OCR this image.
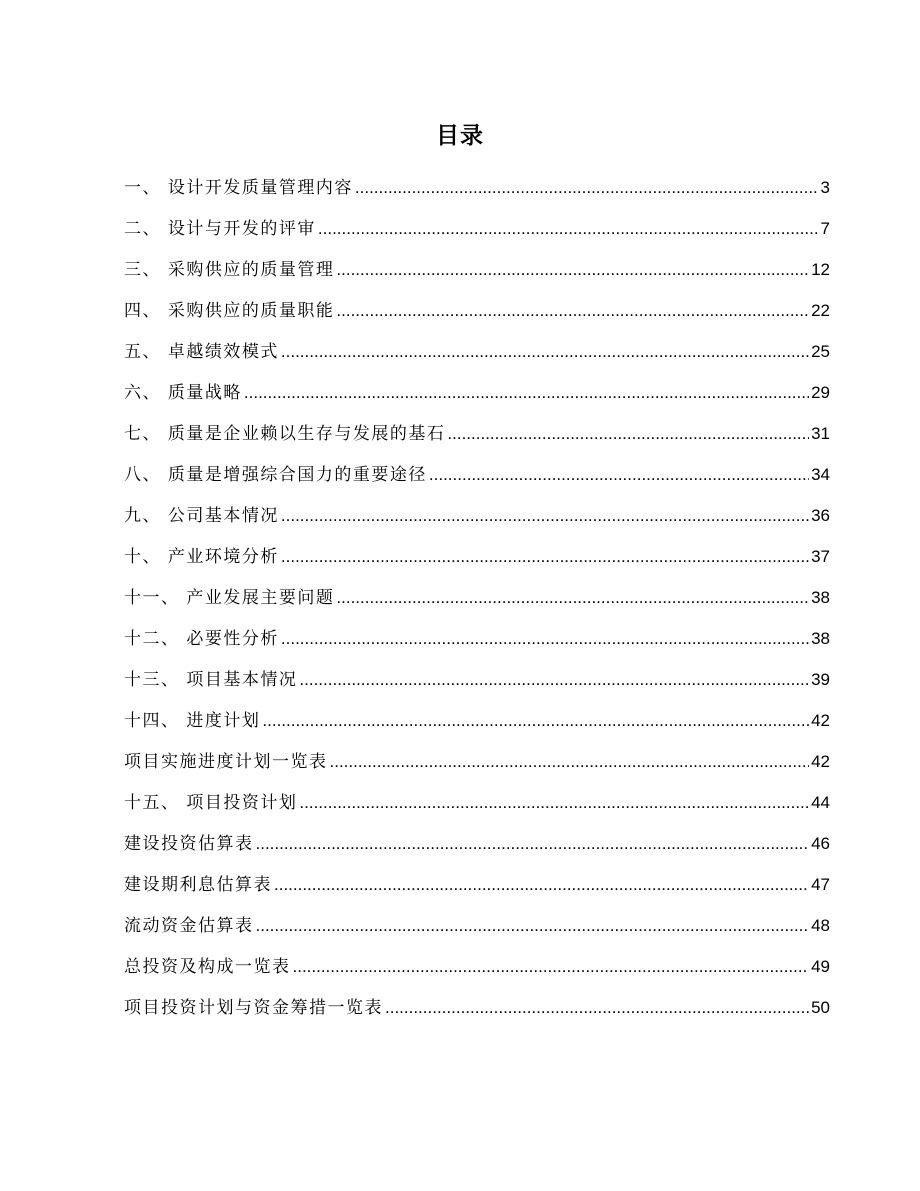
目录
一、 设计开发质量管理内容 .....	3
二、 设计与开发的评审 .....	7
三、 采购供应的质量管理 .....	12
四、 采购供应的质量职能 .....	22
五、 卓越绩效模式 .....	25
六、 质量战略 .....	29
七、 质量是企业赖以生存与发展的基石 .....	31
八、 质量是增强综合国力的重要途径 .....	34
九、 公司基本情况 .....	36
十、 产业环境分析 .....	37
十一、 产业发展主要问题 .....	38
十二、 必要性分析 .....	38
十三、 项目基本情况 .....	39
十四、 进度计划 .....	42
项目实施进度计划一览表 .....	42
十五、 项目投资计划 .....	44
建设投资估算表 .....	46
建设期利息估算表 .....	47
流动资金估算表 .....	48
总投资及构成一览表 .....	49
项目投资计划与资金筹措一览表 .....	50
